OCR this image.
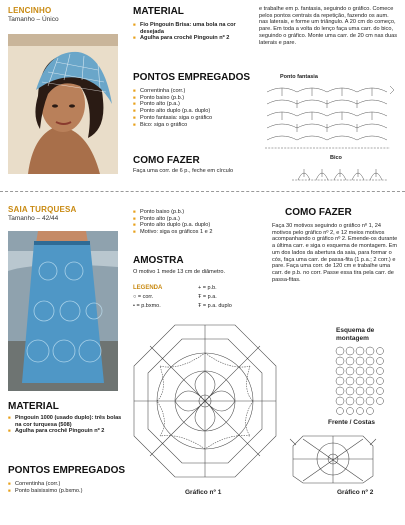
LENCINHO
Tamanho – Único
MATERIAL
■ Fio Pingouin Brisa: uma bola na cor desejada
■ Agulha para crochê Pingouin nº 2
PONTOS EMPREGADOS
■ Correntinha (corr.)
■ Ponto baixo (p.b.)
■ Ponto alto (p.a.)
■ Ponto alto duplo (p.a. duplo)
■ Ponto fantasia: siga o gráfico
■ Bico: siga o gráfico
COMO FAZER
Faça uma corr. de 6 p., feche em círculo
e trabalhe em p. fantasia, seguindo o gráfico. Comece pelos pontos centrais da repetição, fazendo os aum. nas laterais, e forme um triângulo. A 20 cm do começo, pare. Em toda a volta do lenço faça uma carr. do bico, seguindo o gráfico. Monte uma carr. de 20 cm nas duas laterais e pare.
Ponto fantasia
Bico
SAIA TURQUESA
Tamanho – 42/44
■ Ponto baixo (p.b.)
■ Ponto alto (p.a.)
■ Ponto alto duplo (p.a. duplo)
■ Motivo: siga os gráficos 1 e 2
AMOSTRA
O motivo 1 mede 13 cm de diâmetro.
LEGENDA
○ = corr.
• = p.bxmo.
+ = p.b.
Ŧ = p.a.
Ŧ = p.a. duplo
COMO FAZER
Faça 30 motivos seguindo o gráfico nº 1, 24 motivos pelo gráfico nº 2, e 12 meios motivos acompanhando o gráfico nº 2. Emende-os durante a última carr. e siga o esquema de montagem. Em um dos lados da abertura da saia, para formar o cós, faça uma carr. de passa-fita (1 p.a.; 2 corr.) e pare. Faça uma corr. de 120 cm e trabalhe uma carr. de p.b. no corr. Passe essa tira pela carr. de passa-fitas.
Esquema de montagem
Frente / Costas
Gráfico nº 1	Gráfico nº 2
MATERIAL
■ Pingouin 1000 (usado duplo): três bolas na cor turquesa (508)
■ Agulha para crochê Pingouin nº 2
PONTOS EMPREGADOS
■ Correntinha (corr.)
■ Ponto baixissimo (p.bxmo.)
